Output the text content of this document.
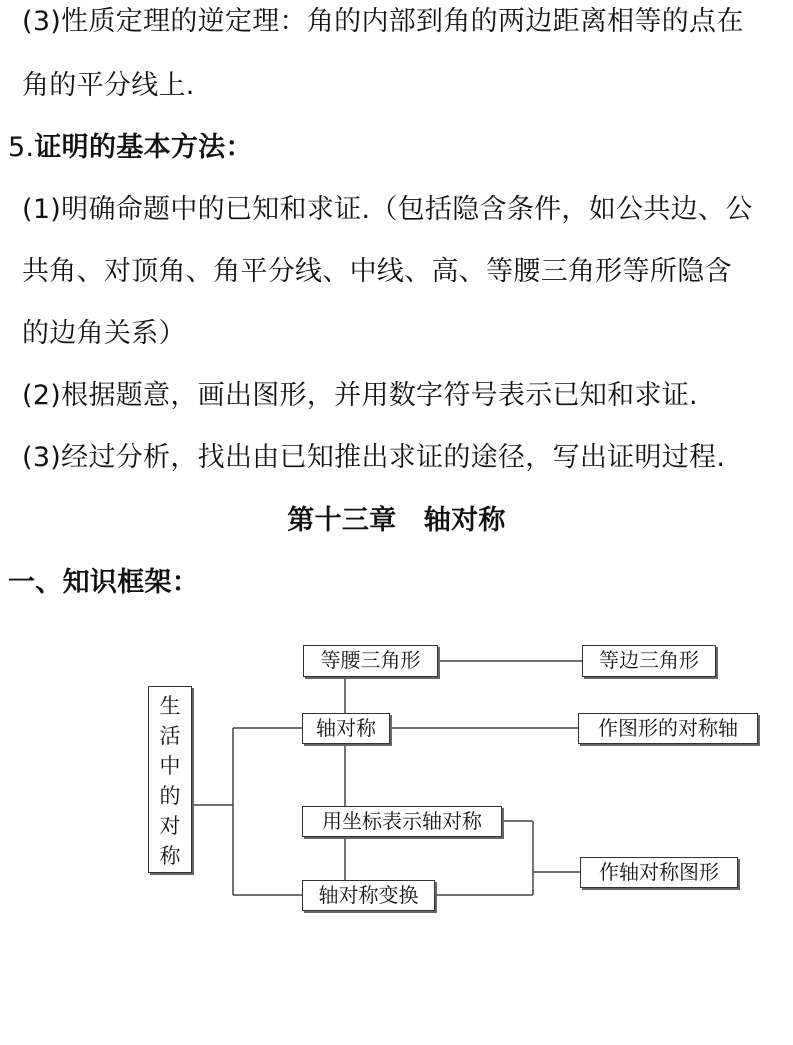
(3)性质定理的逆定理：角的内部到角的两边距离相等的点在
角的平分线上.
5.证明的基本方法：
(1)明确命题中的已知和求证.（包括隐含条件，如公共边、公
共角、对顶角、角平分线、中线、高、等腰三角形等所隐含
的边角关系）
(2)根据题意，画出图形，并用数字符号表示已知和求证.
(3)经过分析，找出由已知推出求证的途径，写出证明过程.
第十三章　轴对称
一、知识框架：
生
活
中
的
对
称
等腰三角形	等边三角形
轴对称	作图形的对称轴
用坐标表示轴对称
作轴对称图形
轴对称变换
